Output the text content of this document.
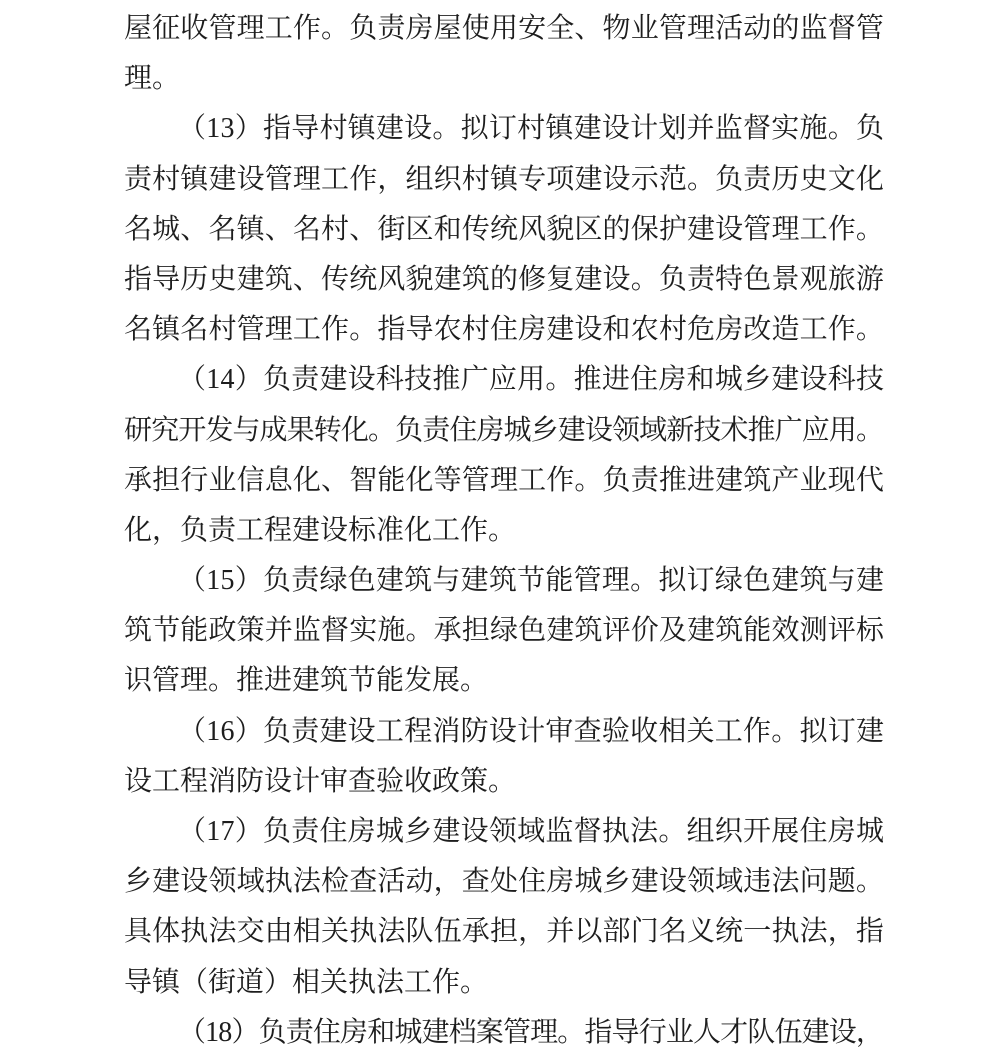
屋征收管理工作。负责房屋使用安全、物业管理活动的监督管
理。
（13）指导村镇建设。拟订村镇建设计划并监督实施。负
责村镇建设管理工作，组织村镇专项建设示范。负责历史文化
名城、名镇、名村、街区和传统风貌区的保护建设管理工作。
指导历史建筑、传统风貌建筑的修复建设。负责特色景观旅游
名镇名村管理工作。指导农村住房建设和农村危房改造工作。
（14）负责建设科技推广应用。推进住房和城乡建设科技
研究开发与成果转化。负责住房城乡建设领域新技术推广应用。
承担行业信息化、智能化等管理工作。负责推进建筑产业现代
化，负责工程建设标准化工作。
（15）负责绿色建筑与建筑节能管理。拟订绿色建筑与建
筑节能政策并监督实施。承担绿色建筑评价及建筑能效测评标
识管理。推进建筑节能发展。
（16）负责建设工程消防设计审查验收相关工作。拟订建
设工程消防设计审查验收政策。
（17）负责住房城乡建设领域监督执法。组织开展住房城
乡建设领域执法检查活动，查处住房城乡建设领域违法问题。
具体执法交由相关执法队伍承担，并以部门名义统一执法，指
导镇（街道）相关执法工作。
（18）负责住房和城建档案管理。指导行业人才队伍建设，
